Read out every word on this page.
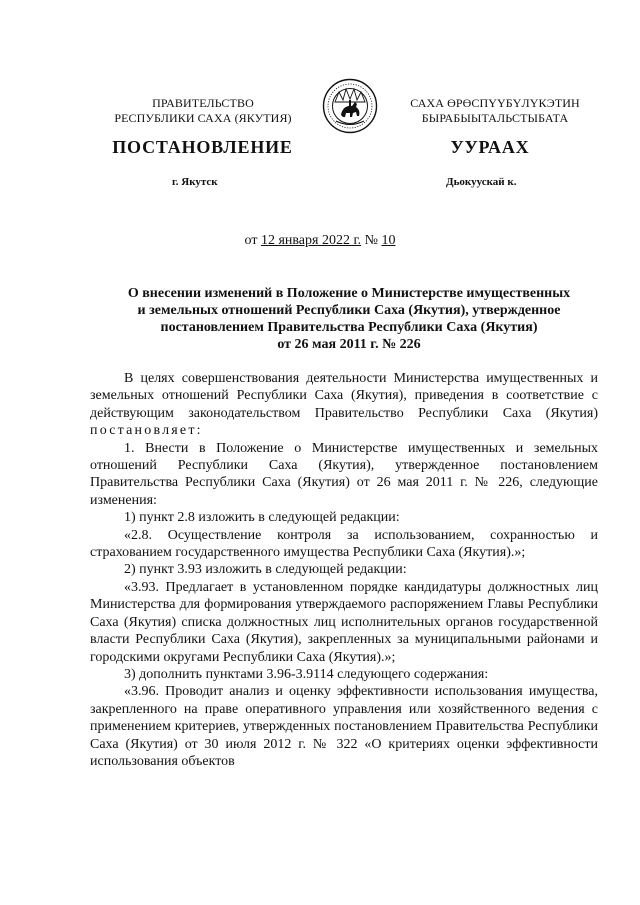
ПРАВИТЕЛЬСТВО
РЕСПУБЛИКИ САХА (ЯКУТИЯ)
САХА ӨРӨСПҮҮБҮЛҮКЭТИН
БЫРАБЫЫТАЛЬСТЫБАТА
ПОСТАНОВЛЕНИЕ	УУРААХ
г. Якутск	Дьокуускай к.
от 12 января 2022 г. № 10
О внесении изменений в Положение о Министерстве имущественных
и земельных отношений Республики Саха (Якутия), утвержденное
постановлением Правительства Республики Саха (Якутия)
от 26 мая 2011 г. № 226

В целях совершенствования деятельности Министерства имущественных и земельных отношений Республики Саха (Якутия), приведения в соответствие с действующим законодательством Правительство Республики Саха (Якутия) постановляет:

1. Внести в Положение о Министерстве имущественных и земельных отношений Республики Саха (Якутия), утвержденное постановлением Правительства Республики Саха (Якутия) от 26 мая 2011 г. № 226, следующие изменения:

1) пункт 2.8 изложить в следующей редакции:

«2.8. Осуществление контроля за использованием, сохранностью и страхованием государственного имущества Республики Саха (Якутия).»;

2) пункт 3.93 изложить в следующей редакции:

«3.93. Предлагает в установленном порядке кандидатуры должностных лиц Министерства для формирования утверждаемого распоряжением Главы Республики Саха (Якутия) списка должностных лиц исполнительных органов государственной власти Республики Саха (Якутия), закрепленных за муниципальными районами и городскими округами Республики Саха (Якутия).»;

3) дополнить пунктами 3.96-3.9114 следующего содержания:

«3.96. Проводит анализ и оценку эффективности использования имущества, закрепленного на праве оперативного управления или хозяйственного ведения с применением критериев, утвержденных постановлением Правительства Республики Саха (Якутия) от 30 июля 2012 г. № 322 «О критериях оценки эффективности использования объектов
